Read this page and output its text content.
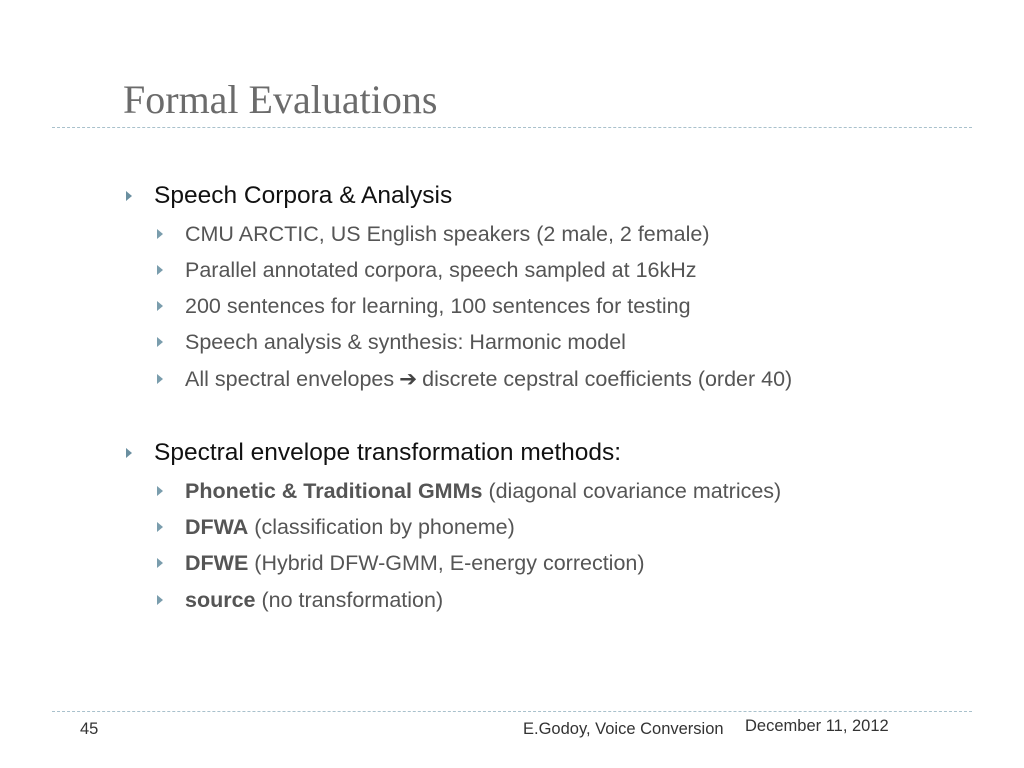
Formal Evaluations
Speech Corpora & Analysis
CMU ARCTIC, US English speakers (2 male, 2 female)
Parallel annotated corpora, speech sampled at 16kHz
200 sentences for learning, 100 sentences for testing
Speech analysis & synthesis: Harmonic model
All spectral envelopes ➔ discrete cepstral coefficients (order 40)
Spectral envelope transformation methods:
Phonetic & Traditional GMMs (diagonal covariance matrices)
DFWA (classification by phoneme)
DFWE (Hybrid DFW-GMM, E-energy correction)
source (no transformation)
45	E.Godoy, Voice Conversion December 11, 2012
